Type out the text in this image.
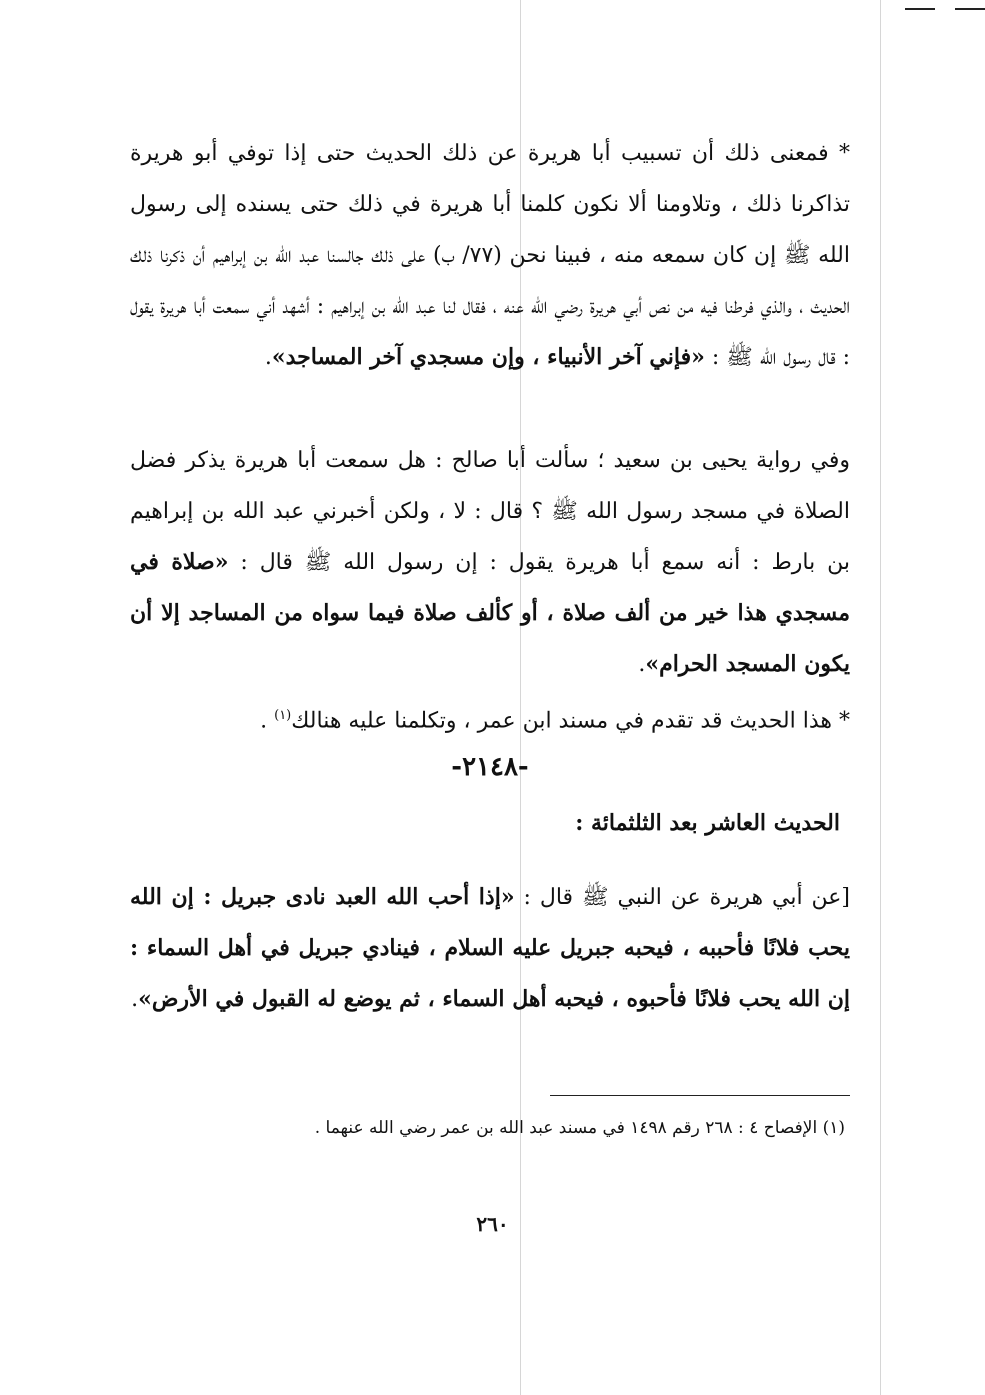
* فمعنى ذلك أن تسبيب أبا هريرة عن ذلك الحديث حتى إذا توفي أبو هريرة تذاكرنا ذلك ، وتلاومنا ألا نكون كلمنا أبا هريرة في ذلك حتى يسنده إلى رسول الله ﷺ إن كان سمعه منه ، فبينا نحن (٧٧/ ب) على ذلك جالسنا عبد الله بن إبراهيم أن ذكرنا ذلك الحديث ، والذي فرطنا فيه من نص أبي هريرة رضي الله عنه ، فقال لنا عبد الله بن إبراهيم : أشهد أني سمعت أبا هريرة يقول : قال رسول الله ﷺ : «فإني آخر الأنبياء ، وإن مسجدي آخر المساجد».

وفي رواية يحيى بن سعيد ؛ سألت أبا صالح : هل سمعت أبا هريرة يذكر فضل الصلاة في مسجد رسول الله ﷺ ؟ قال : لا ، ولكن أخبرني عبد الله بن إبراهيم بن بارط : أنه سمع أبا هريرة يقول : إن رسول الله ﷺ قال : «صلاة في مسجدي هذا خير من ألف صلاة ، أو كألف صلاة فيما سواه من المساجد إلا أن يكون المسجد الحرام».

* هذا الحديث قد تقدم في مسند ابن عمر ، وتكلمنا عليه هنالك$^{(١)}$ .

-٢١٤٨-
الحديث العاشر بعد الثلثمائة :

[عن أبي هريرة عن النبي ﷺ قال : «إذا أحب الله العبد نادى جبريل : إن الله يحب فلانًا فأحببه ، فيحبه جبريل عليه السلام ، فينادي جبريل في أهل السماء : إن الله يحب فلانًا فأحبوه ، فيحبه أهل السماء ، ثم يوضع له القبول في الأرض».

(١) الإفصاح ٤ : ٢٦٨ رقم ١٤٩٨ في مسند عبد الله بن عمر رضي الله عنهما .
٢٦٠
